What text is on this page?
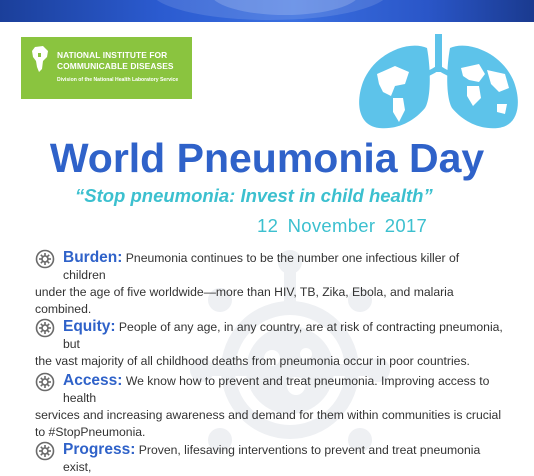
NATIONAL INSTITUTE FOR
COMMUNICABLE DISEASES
Division of the National Health Laboratory Service
World Pneumonia Day
“Stop pneumonia: Invest in child health”
12 November 2017
Burden: Pneumonia continues to be the number one infectious killer of children
under the age of five worldwide—more than HIV, TB, Zika, Ebola, and malaria combined.
Equity: People of any age, in any country, are at risk of contracting pneumonia, but
the vast majority of all childhood deaths from pneumonia occur in poor countries.
Access: We know how to prevent and treat pneumonia. Improving access to health
services and increasing awareness and demand for them within communities is crucial to #StopPneumonia.
Progress: Proven, lifesaving interventions to prevent and treat pneumonia exist,
